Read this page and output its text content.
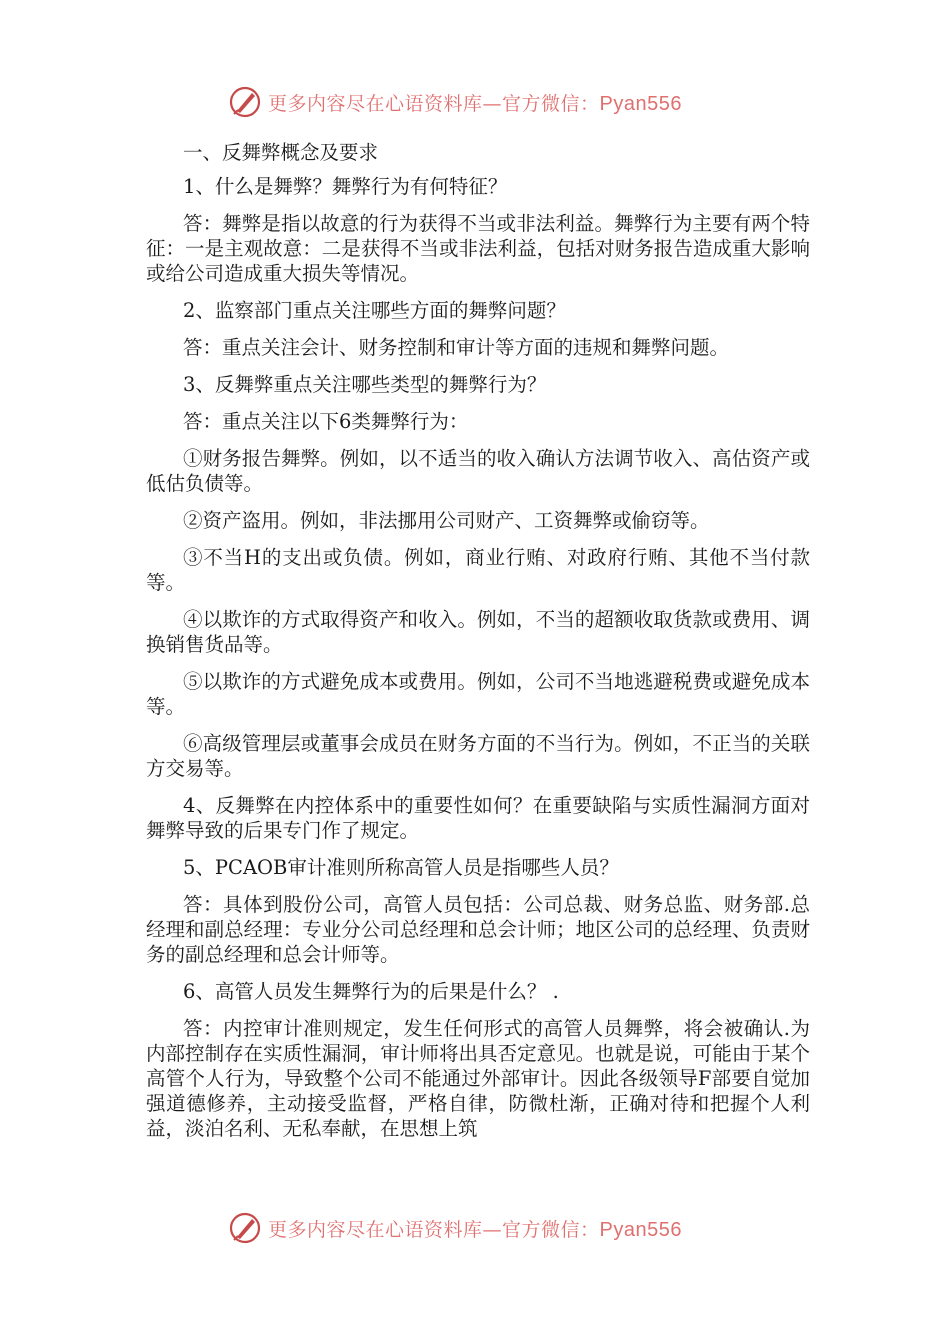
更多内容尽在心语资料库—官方微信：Pyan556

一、反舞弊概念及要求

1、什么是舞弊？舞弊行为有何特征？

答：舞弊是指以故意的行为获得不当或非法利益。舞弊行为主要有两个特征：一是主观故意：二是获得不当或非法利益，包括对财务报告造成重大影响或给公司造成重大损失等情况。

2、监察部门重点关注哪些方面的舞弊问题？

答：重点关注会计、财务控制和审计等方面的违规和舞弊问题。

3、反舞弊重点关注哪些类型的舞弊行为？

答：重点关注以下6类舞弊行为：

①财务报告舞弊。例如，以不适当的收入确认方法调节收入、高估资产或低估负债等。

②资产盗用。例如，非法挪用公司财产、工资舞弊或偷窃等。

③不当H的支出或负债。例如，商业行贿、对政府行贿、其他不当付款等。

④以欺诈的方式取得资产和收入。例如，不当的超额收取货款或费用、调换销售货品等。

⑤以欺诈的方式避免成本或费用。例如，公司不当地逃避税费或避免成本等。

⑥高级管理层或董事会成员在财务方面的不当行为。例如，不正当的关联方交易等。

4、反舞弊在内控体系中的重要性如何？在重要缺陷与实质性漏洞方面对舞弊导致的后果专门作了规定。

5、PCAOB审计准则所称高管人员是指哪些人员？

答：具体到股份公司，高管人员包括：公司总裁、财务总监、财务部.总经理和副总经理：专业分公司总经理和总会计师；地区公司的总经理、负责财务的副总经理和总会计师等。

6、高管人员发生舞弊行为的后果是什么？ .

答：内控审计准则规定，发生任何形式的高管人员舞弊，将会被确认.为内部控制存在实质性漏洞，审计师将出具否定意见。也就是说，可能由于某个高管个人行为，导致整个公司不能通过外部审计。因此各级领导F部要自觉加强道德修养，主动接受监督，严格自律，防微杜渐，正确对待和把握个人利益，淡泊名利、无私奉献，在思想上筑

更多内容尽在心语资料库—官方微信：Pyan556
